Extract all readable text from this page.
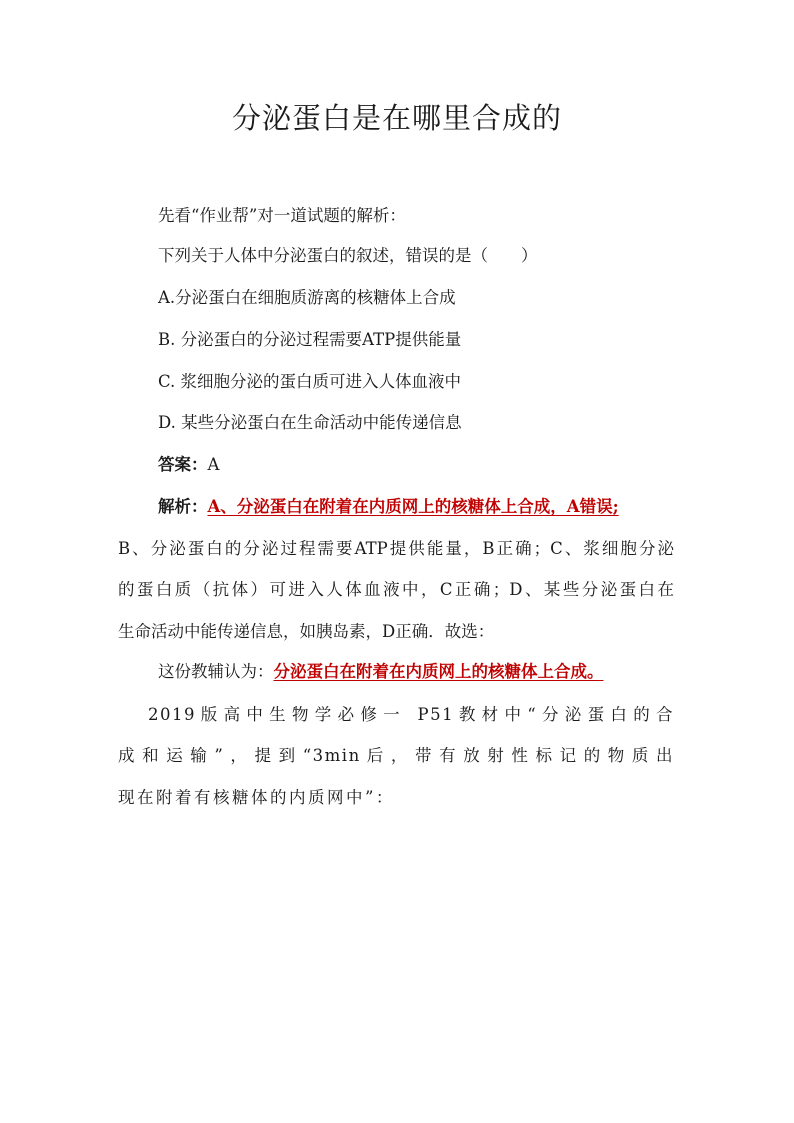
分泌蛋白是在哪里合成的
先看“作业帮”对一道试题的解析：
下列关于人体中分泌蛋白的叙述，错误的是（　　）
A.分泌蛋白在细胞质游离的核糖体上合成
B. 分泌蛋白的分泌过程需要ATP提供能量
C. 浆细胞分泌的蛋白质可进入人体血液中
D. 某些分泌蛋白在生命活动中能传递信息
答案：A
解析：A、分泌蛋白在附着在内质网上的核糖体上合成，A错误;
B、分泌蛋白的分泌过程需要ATP提供能量，B正确；C、浆细胞分泌
的蛋白质（抗体）可进入人体血液中，C正确；D、某些分泌蛋白在
生命活动中能传递信息，如胰岛素，D正确．故选：
这份教辅认为：分泌蛋白在附着在内质网上的核糖体上合成。
2019版高中生物学必修一 P51教材中“分泌蛋白的合
成和运输”，提到“3min后，带有放射性标记的物质出
现在附着有核糖体的内质网中”：
